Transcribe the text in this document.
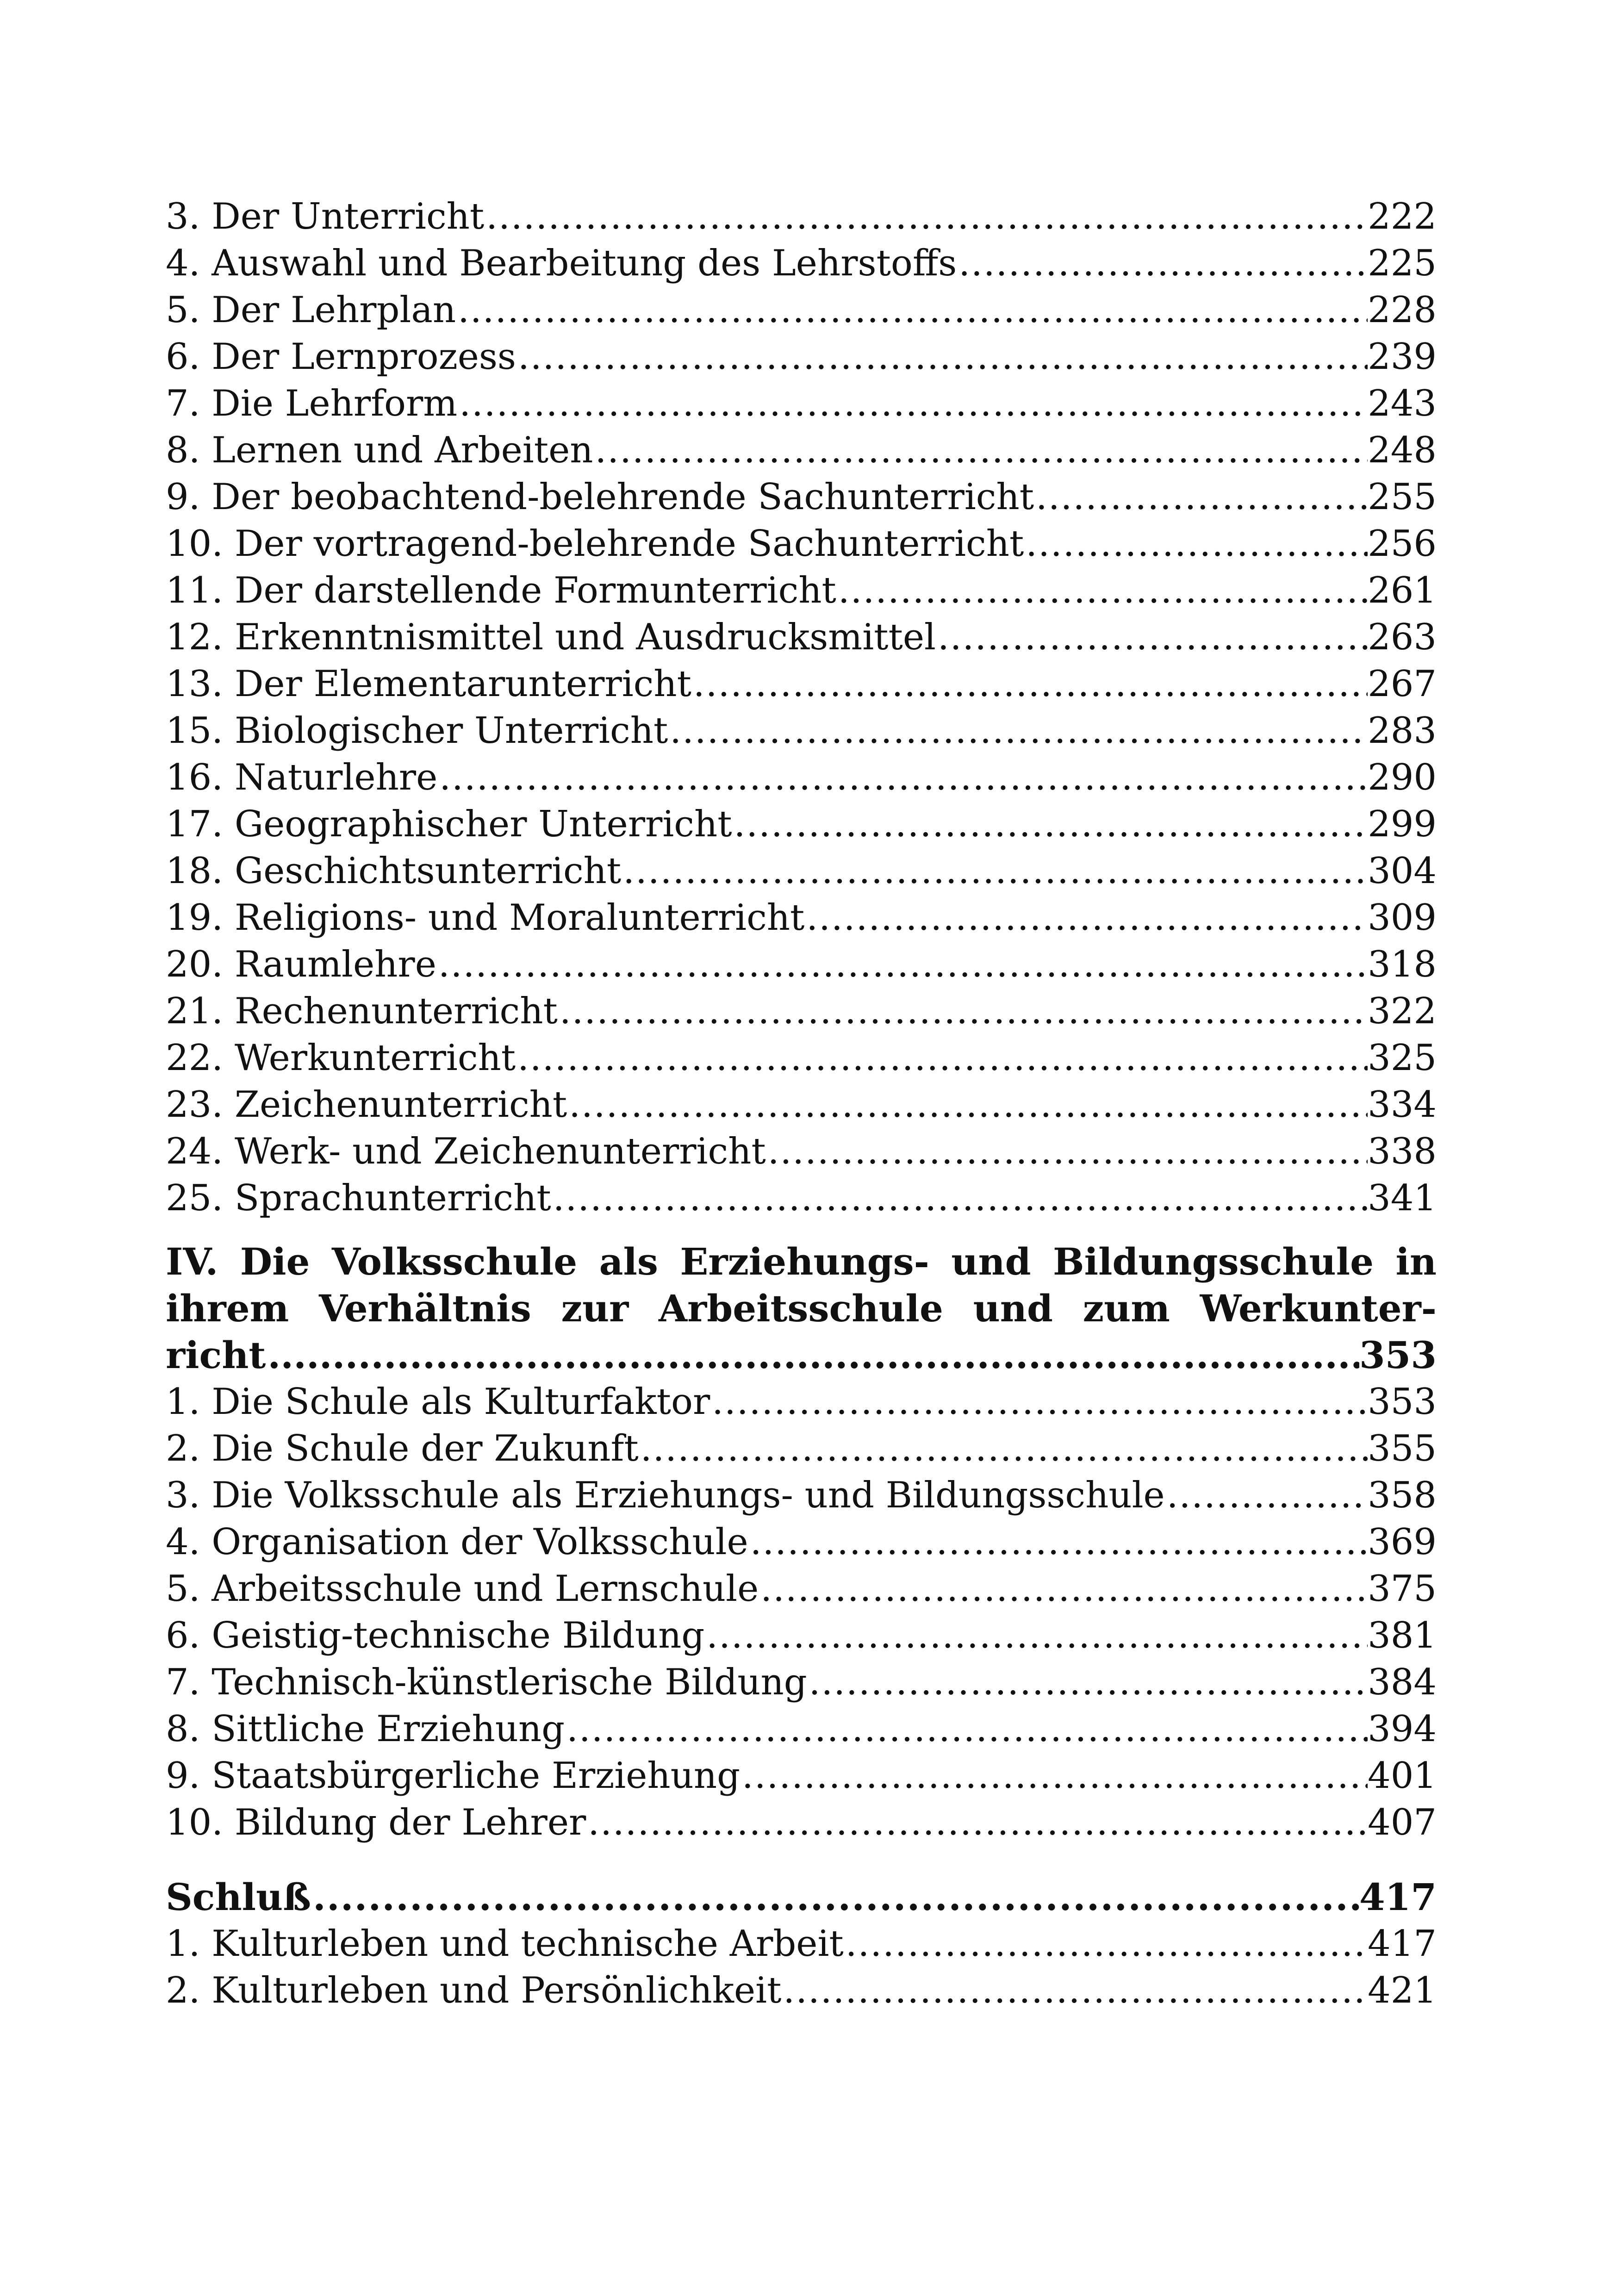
3. Der Unterricht .....	222
4. Auswahl und Bearbeitung des Lehrstoffs .....	225
5. Der Lehrplan .....	228
6. Der Lernprozess .....	239
7. Die Lehrform .....	243
8. Lernen und Arbeiten .....	248
9. Der beobachtend-belehrende Sachunterricht .....	255
10. Der vortragend-belehrende Sachunterricht .....	256
11. Der darstellende Formunterricht .....	261
12. Erkenntnismittel und Ausdrucksmittel .....	263
13. Der Elementarunterricht .....	267
15. Biologischer Unterricht .....	283
16. Naturlehre .....	290
17. Geographischer Unterricht .....	299
18. Geschichtsunterricht .....	304
19. Religions- und Moralunterricht .....	309
20. Raumlehre .....	318
21. Rechenunterricht .....	322
22. Werkunterricht .....	325
23. Zeichenunterricht .....	334
24. Werk- und Zeichenunterricht .....	338
25. Sprachunterricht .....	341
IV. Die Volksschule als Erziehungs- und Bildungsschule in
ihrem Verhältnis zur Arbeitsschule und zum Werkunter-
richt .....	353
1. Die Schule als Kulturfaktor .....	353
2. Die Schule der Zukunft .....	355
3. Die Volksschule als Erziehungs- und Bildungsschule .....	358
4. Organisation der Volksschule .....	369
5. Arbeitsschule und Lernschule .....	375
6. Geistig-technische Bildung .....	381
7. Technisch-künstlerische Bildung .....	384
8. Sittliche Erziehung .....	394
9. Staatsbürgerliche Erziehung .....	401
10. Bildung der Lehrer .....	407
Schluß .....	417
1. Kulturleben und technische Arbeit .....	417
2. Kulturleben und Persönlichkeit .....	421
